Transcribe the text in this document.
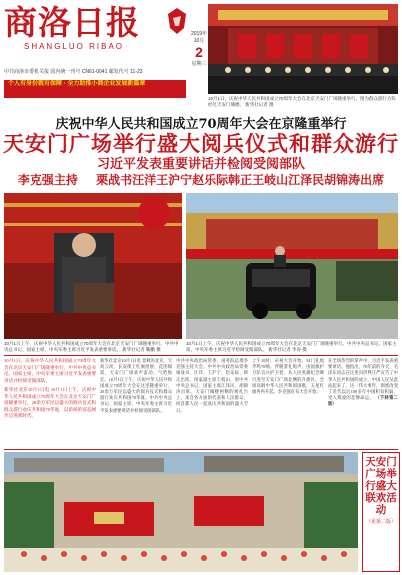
商洛日报
SHANGLUO RIBAO
2019年10月
2
星期三
中共商洛市委机关报 国内统一刊号 CN61-0041 邮发代号 11-23
个人有身份就有保障 · 全力助推小商企业发展新篇章
10月1日，庆祝中华人民共和国成立70周年大会在北京天安门广场隆重举行。图为群众游行方阵经过天安门城楼。 新华社记者 摄
庆祝中华人民共和国成立70周年大会在京隆重举行
天安门广场举行盛大阅兵仪式和群众游行
习近平发表重要讲话并检阅受阅部队
李克强主持 栗战书汪洋王沪宁赵乐际韩正王岐山江泽民胡锦涛出席
10月1日上午，庆祝中华人民共和国成立70周年大会在北京天安门广场隆重举行。中共中央总书记、国家主席、中央军委主席习近平发表重要讲话。 新华社记者 鞠鹏 摄
10月1日上午，庆祝中华人民共和国成立70周年大会在北京天安门广场隆重举行。中共中央总书记、国家主席、中央军委主席习近平检阅受阅部队。 新华社记者 李涛 摄

10月1日，庆祝中华人民共和国成立70周年大会在北京天安门广场隆重举行，中共中央总书记、国家主席、中央军委主席习近平发表重要讲话并检阅受阅部队。

新华社北京10月1日电 10月1日上午，庆祝中华人民共和国成立70周年大会在北京天安门广场隆重举行，20余万军民以盛大的阅兵仪式和群众游行欢庆共和国70华诞，以昂扬的姿态阔步迈进新时代。

新华社北京10月1日电 金秋的北京，天高云淡，长安街上红旗招展、花团锦簇，天安门广场欢声雷动、气势恢宏。10月1日上午，庆祝中华人民共和国成立70周年大会在这里隆重举行，20余万军民以盛大的阅兵仪式和群众游行欢庆共和国70华诞。中共中央总书记、国家主席、中央军委主席习近平发表重要讲话并检阅受阅部队。
中共中央政治局常委、国务院总理李克强主持大会。中共中央政治局常委栗战书、汪洋、王沪宁、赵乐际、韩正出席，国家副主席王岐山、原中共中央总书记、国家主席江泽民、胡锦涛出席。天安门城楼两侧的观礼台上，来自各方面的代表和人民群众，同首都人民一起欢庆共和国的盛大节日。
上午10时，庆祝大会开始。54门礼炮齐鸣70响。伴随着礼炮声，由国旗护卫队官兵护卫着，从人民英雄纪念碑行进至天安门广场北侧的升旗区。全场高唱中华人民共和国国歌，五星红旗冉冉升起。李克强宣布大会开始。
在全场热烈的掌声中，习近平发表重要讲话。他指出，70年前的今天，毛泽东同志在这里向世界庄严宣告了中华人民共和国的成立，中国人民从此站起来了。这一伟大事件，彻底改变了近代以后100多年中国积贫积弱、受人欺凌的悲惨命运。 （下转第二版）
天安门广场举行盛大联欢活动
（见第二版）
